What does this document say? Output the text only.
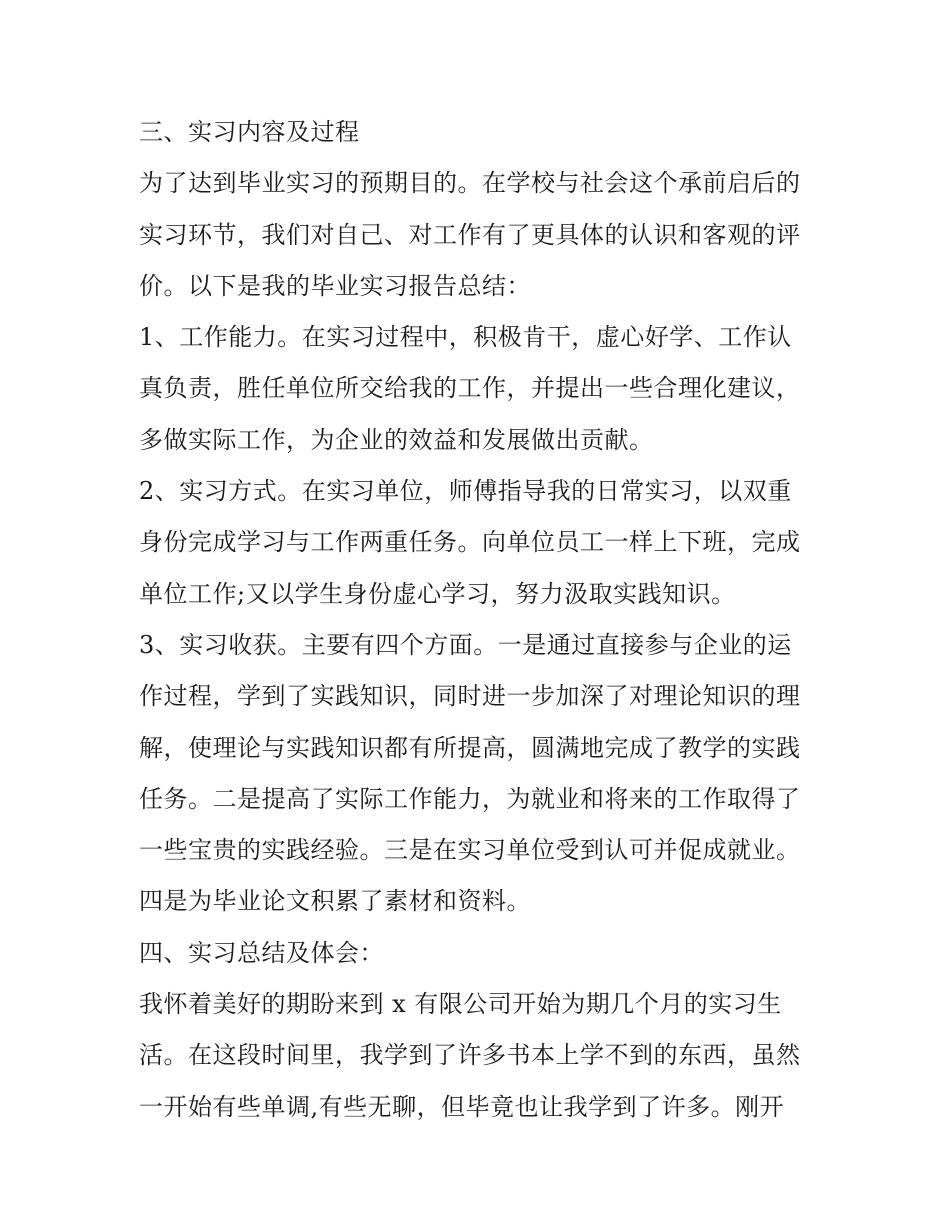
三、实习内容及过程
为了达到毕业实习的预期目的。在学校与社会这个承前启后的
实习环节，我们对自己、对工作有了更具体的认识和客观的评
价。以下是我的毕业实习报告总结：
1、工作能力。在实习过程中，积极肯干，虚心好学、工作认
真负责，胜任单位所交给我的工作，并提出一些合理化建议，
多做实际工作，为企业的效益和发展做出贡献。
2、实习方式。在实习单位，师傅指导我的日常实习，以双重
身份完成学习与工作两重任务。向单位员工一样上下班，完成
单位工作;又以学生身份虚心学习，努力汲取实践知识。
3、实习收获。主要有四个方面。一是通过直接参与企业的运
作过程，学到了实践知识，同时进一步加深了对理论知识的理
解，使理论与实践知识都有所提高，圆满地完成了教学的实践
任务。二是提高了实际工作能力，为就业和将来的工作取得了
一些宝贵的实践经验。三是在实习单位受到认可并促成就业。
四是为毕业论文积累了素材和资料。
四、实习总结及体会：
我怀着美好的期盼来到 x 有限公司开始为期几个月的实习生
活。在这段时间里，我学到了许多书本上学不到的东西，虽然
一开始有些单调,有些无聊，但毕竟也让我学到了许多。刚开
